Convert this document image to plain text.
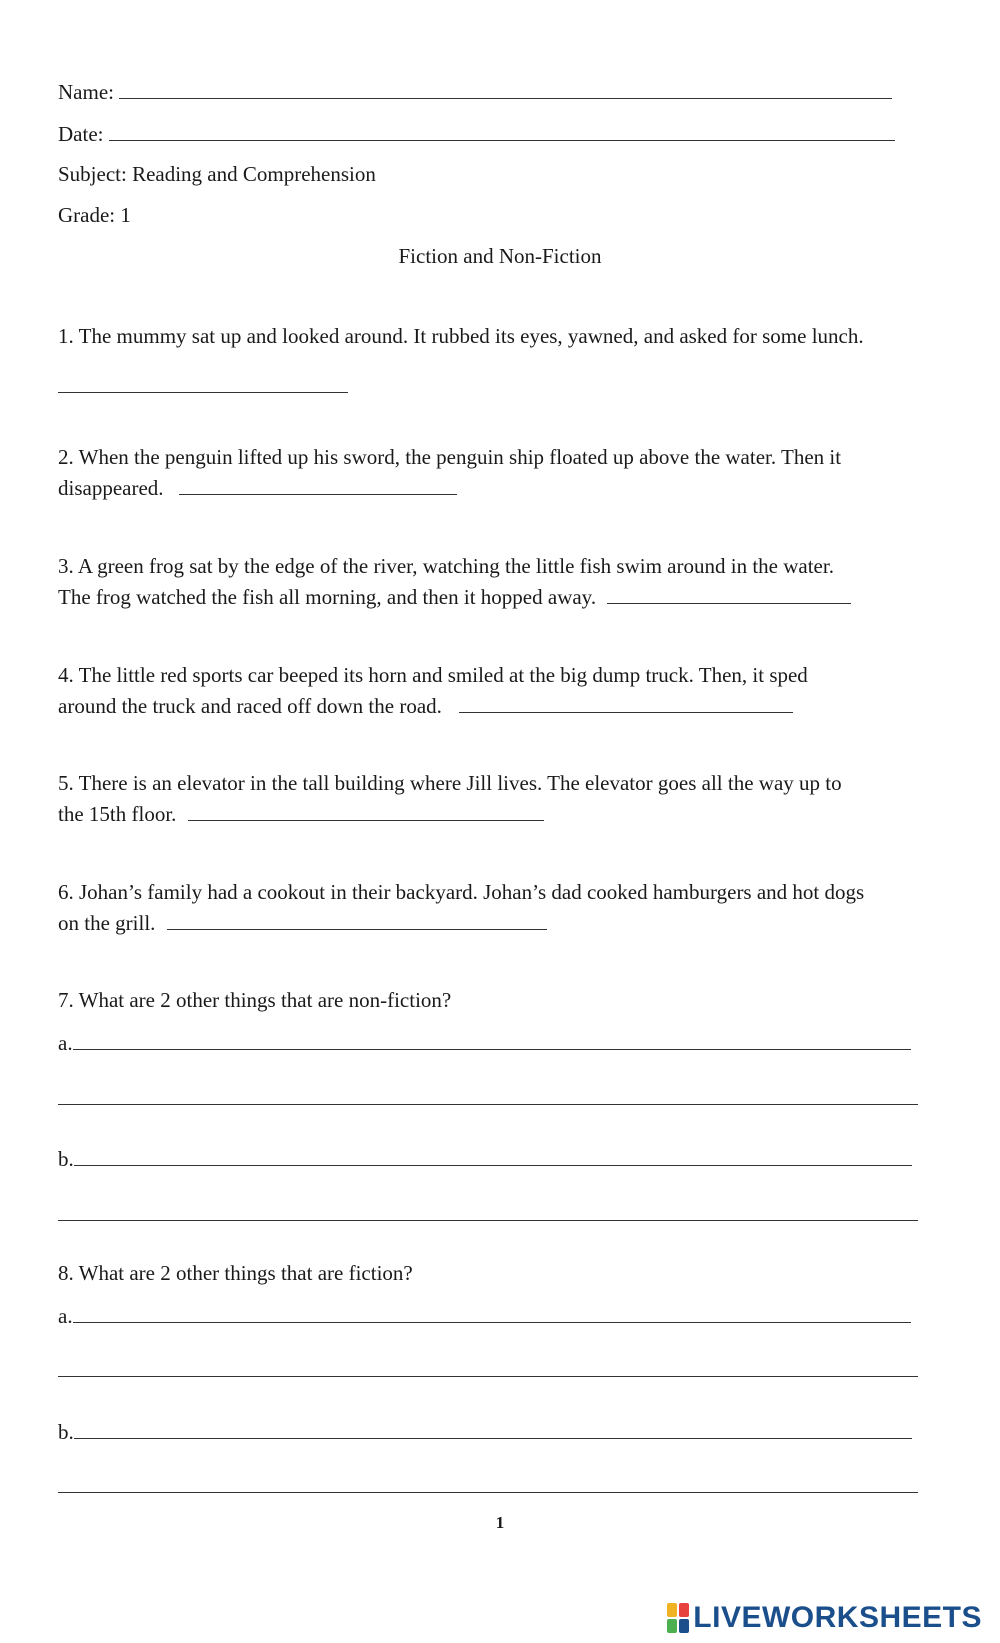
Name:
Date:
Subject: Reading and Comprehension
Grade: 1
Fiction and Non-Fiction
1. The mummy sat up and looked around. It rubbed its eyes, yawned, and asked for some lunch.
2. When the penguin lifted up his sword, the penguin ship floated up above the water. Then it
disappeared.
3. A green frog sat by the edge of the river, watching the little fish swim around in the water.
The frog watched the fish all morning, and then it hopped away.
4. The little red sports car beeped its horn and smiled at the big dump truck. Then, it sped
around the truck and raced off down the road.
5. There is an elevator in the tall building where Jill lives. The elevator goes all the way up to
the 15th floor.
6. Johan’s family had a cookout in their backyard. Johan’s dad cooked hamburgers and hot dogs
on the grill.
7. What are 2 other things that are non-fiction?
a.
b.
8. What are 2 other things that are fiction?
a.
b.
1
LIVEWORKSHEETS
